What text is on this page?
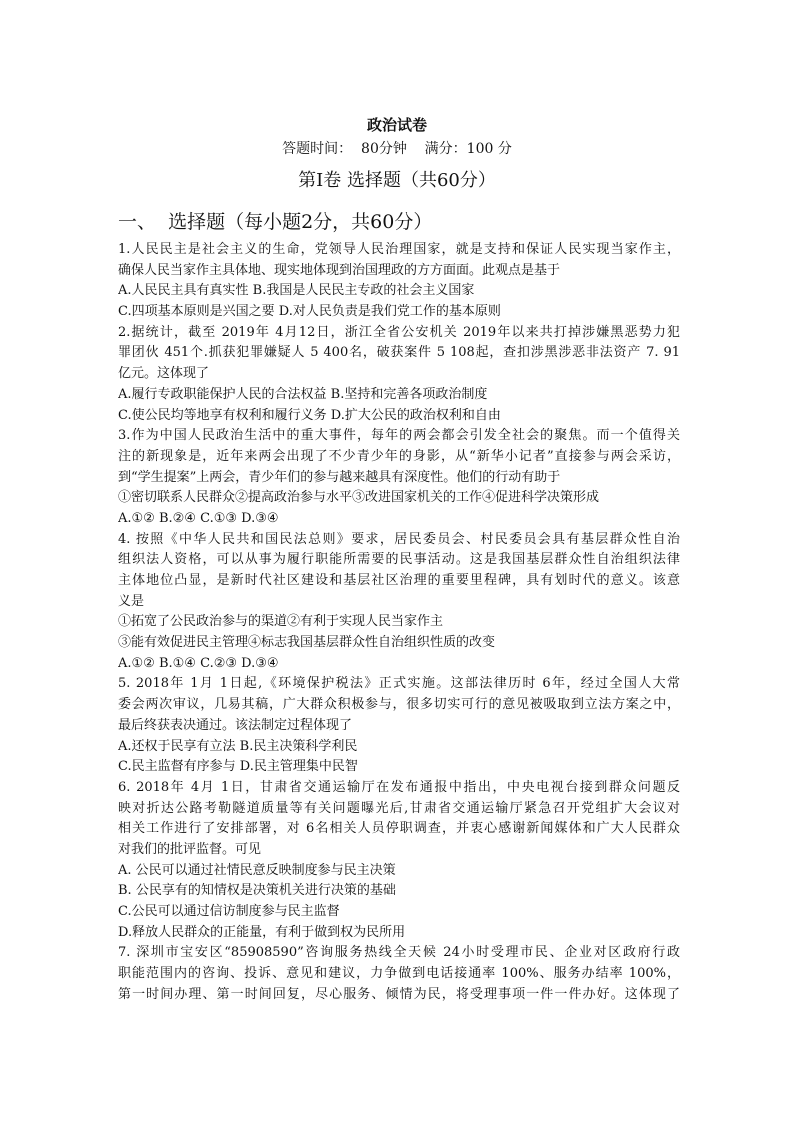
政治试卷
答题时间：  80分钟    满分：100 分
第Ⅰ卷 选择题（共60分）
一、  选择题（每小题2分，共60分）
1.人民民主是社会主义的生命，党领导人民治理国家，就是支持和保证人民实现当家作主，
确保人民当家作主具体地、现实地体现到治国理政的方方面面。此观点是基于
A.人民民主具有真实性 B.我国是人民民主专政的社会主义国家
C.四项基本原则是兴国之要 D.对人民负责是我们党工作的基本原则
2.据统计，截至 2019年 4月12日，浙江全省公安机关 2019年以来共打掉涉嫌黑恶势力犯
罪团伙 451个.抓获犯罪嫌疑人 5 400名，破获案件 5 108起，查扣涉黑涉恶非法资产 7. 91
亿元。这体现了
A.履行专政职能保护人民的合法权益 B.坚持和完善各项政治制度
C.使公民均等地享有权利和履行义务 D.扩大公民的政治权利和自由
3.作为中国人民政治生活中的重大事件，每年的两会都会引发全社会的聚焦。而一个值得关
注的新现象是，近年来两会出现了不少青少年的身影，从“新华小记者”直接参与两会采访，
到“学生提案”上两会，青少年们的参与越来越具有深度性。他们的行动有助于
①密切联系人民群众②提高政治参与水平③改进国家机关的工作④促进科学决策形成
A.①② B.②④ C.①③ D.③④
4. 按照《中华人民共和国民法总则》要求，居民委员会、村民委员会具有基层群众性自治
组织法人资格，可以从事为履行职能所需要的民事活动。这是我国基层群众性自治组织法律
主体地位凸显，是新时代社区建设和基层社区治理的重要里程碑，具有划时代的意义。该意
义是
①拓宽了公民政治参与的渠道②有利于实现人民当家作主
③能有效促进民主管理④标志我国基层群众性自治组织性质的改变
A.①② B.①④ C.②③ D.③④
5. 2018年 1月 1日起,《环境保护税法》正式实施。这部法律历时 6年，经过全国人大常
委会两次审议，几易其稿，广大群众积极参与，很多切实可行的意见被吸取到立法方案之中，
最后终获表决通过。该法制定过程体现了
A.还权于民享有立法 B.民主决策科学利民
C.民主监督有序参与 D.民主管理集中民智
6. 2018年 4月 1日，甘肃省交通运输厅在发布通报中指出，中央电视台接到群众问题反
映对折达公路考勒隧道质量等有关问题曝光后,甘肃省交通运输厅紧急召开党组扩大会议对
相关工作进行了安排部署，对 6名相关人员停职调查，并衷心感谢新闻媒体和广大人民群众
对我们的批评监督。可见
A. 公民可以通过社情民意反映制度参与民主决策
B. 公民享有的知情权是决策机关进行决策的基础
C.公民可以通过信访制度参与民主监督
D.释放人民群众的正能量，有利于做到权为民所用
7. 深圳市宝安区“85908590”咨询服务热线全天候 24小时受理市民、企业对区政府行政
职能范围内的咨询、投诉、意见和建议，力争做到电话接通率 100%、服务办结率 100%，
第一时间办理、第一时间回复，尽心服务、倾情为民，将受理事项一件一件办好。这体现了
